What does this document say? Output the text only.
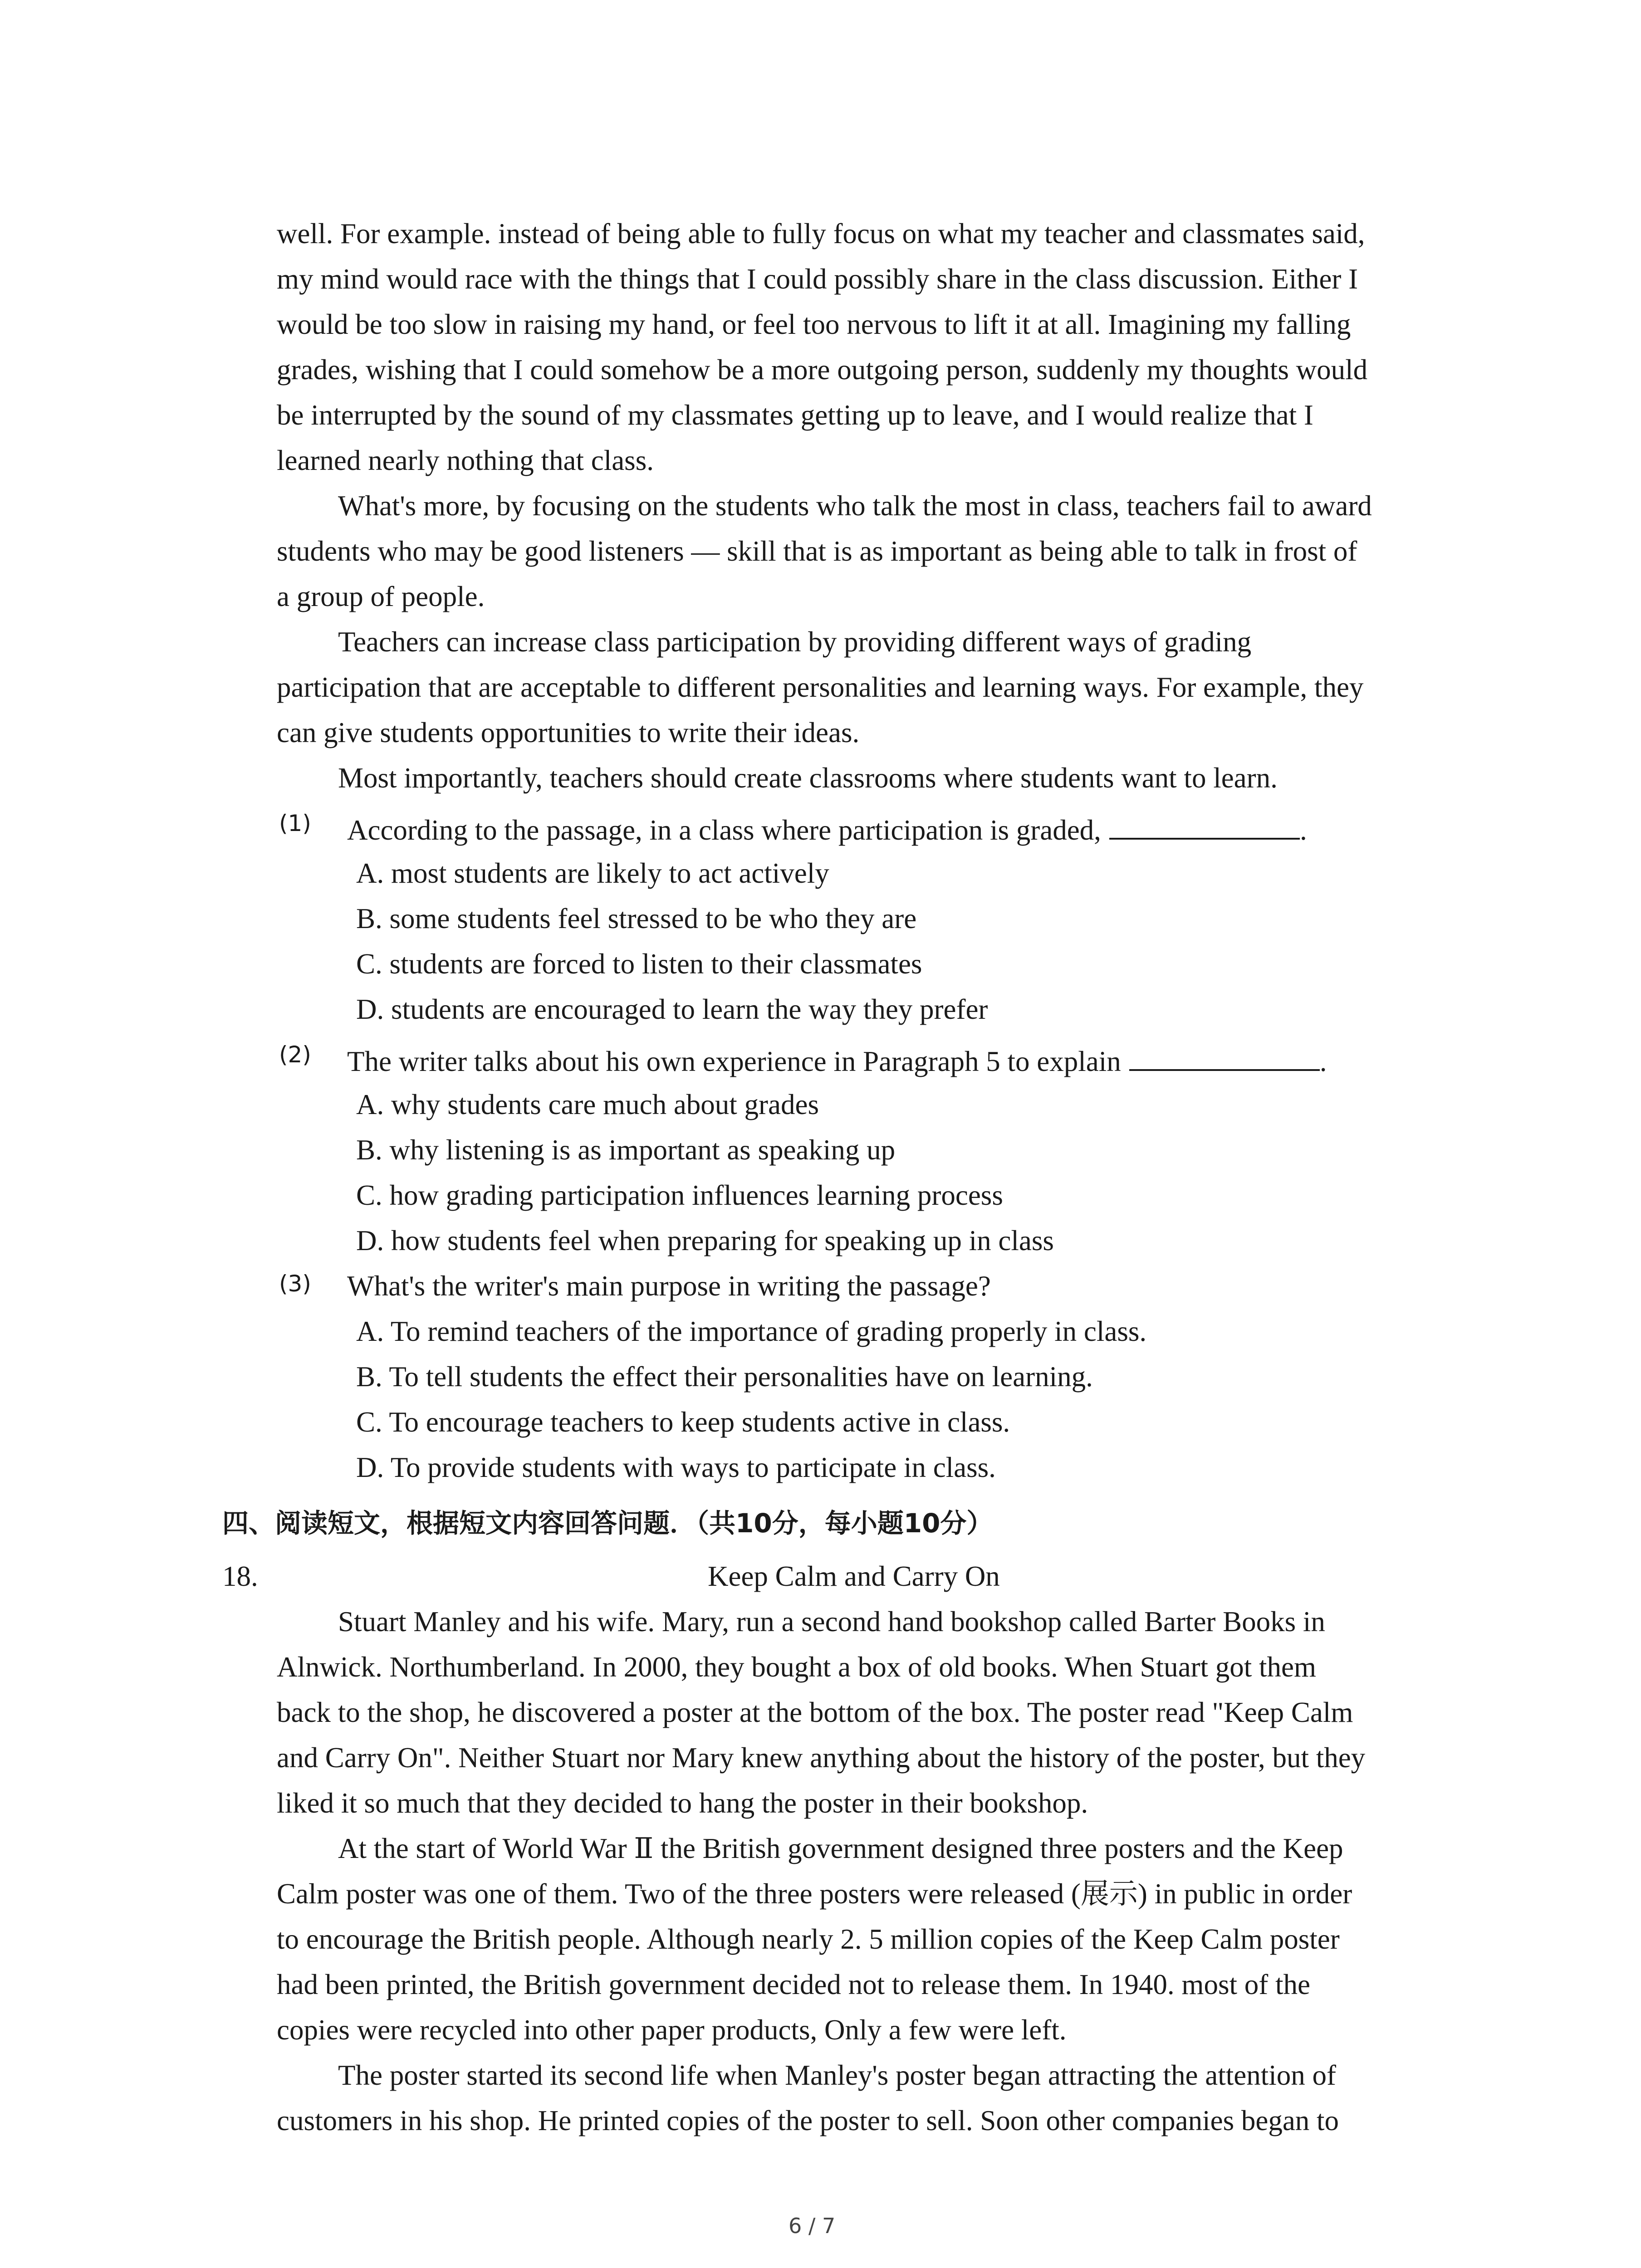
well. For example. instead of being able to fully focus on what my teacher and classmates said,

my mind would race with the things that I could possibly share in the class discussion. Either I

would be too slow in raising my hand, or feel too nervous to lift it at all. Imagining my falling

grades, wishing that I could somehow be a more outgoing person, suddenly my thoughts would

be interrupted by the sound of my classmates getting up to leave, and I would realize that I

learned nearly nothing that class.

What's more, by focusing on the students who talk the most in class, teachers fail to award

students who may be good listeners — skill that is as important as being able to talk in frost of

a group of people.

Teachers can increase class participation by providing different ways of grading

participation that are acceptable to different personalities and learning ways. For example, they

can give students opportunities to write their ideas.

Most importantly, teachers should create classrooms where students want to learn.

(1) According to the passage, in a class where participation is graded,	.

A. most students are likely to act actively

B. some students feel stressed to be who they are

C. students are forced to listen to their classmates

D. students are encouraged to learn the way they prefer

(2) The writer talks about his own experience in Paragraph 5 to explain	.

A. why students care much about grades

B. why listening is as important as speaking up

C. how grading participation influences learning process

D. how students feel when preparing for speaking up in class

(3) What's the writer's main purpose in writing the passage?

A. To remind teachers of the importance of grading properly in class.

B. To tell students the effect their personalities have on learning.

C. To encourage teachers to keep students active in class.

D. To provide students with ways to participate in class.

四、阅读短文，根据短文内容回答问题．（共10分，每小题10分）

18.	Keep Calm and Carry On

Stuart Manley and his wife. Mary, run a second hand bookshop called Barter Books in

Alnwick. Northumberland. In 2000, they bought a box of old books. When Stuart got them

back to the shop, he discovered a poster at the bottom of the box. The poster read "Keep Calm

and Carry On". Neither Stuart nor Mary knew anything about the history of the poster, but they

liked it so much that they decided to hang the poster in their bookshop.

At the start of World War Ⅱ the British government designed three posters and the Keep

Calm poster was one of them. Two of the three posters were released (展示) in public in order

to encourage the British people. Although nearly 2. 5 million copies of the Keep Calm poster

had been printed, the British government decided not to release them. In 1940. most of the

copies were recycled into other paper products, Only a few were left.

The poster started its second life when Manley's poster began attracting the attention of

customers in his shop. He printed copies of the poster to sell. Soon other companies began to

6 / 7
